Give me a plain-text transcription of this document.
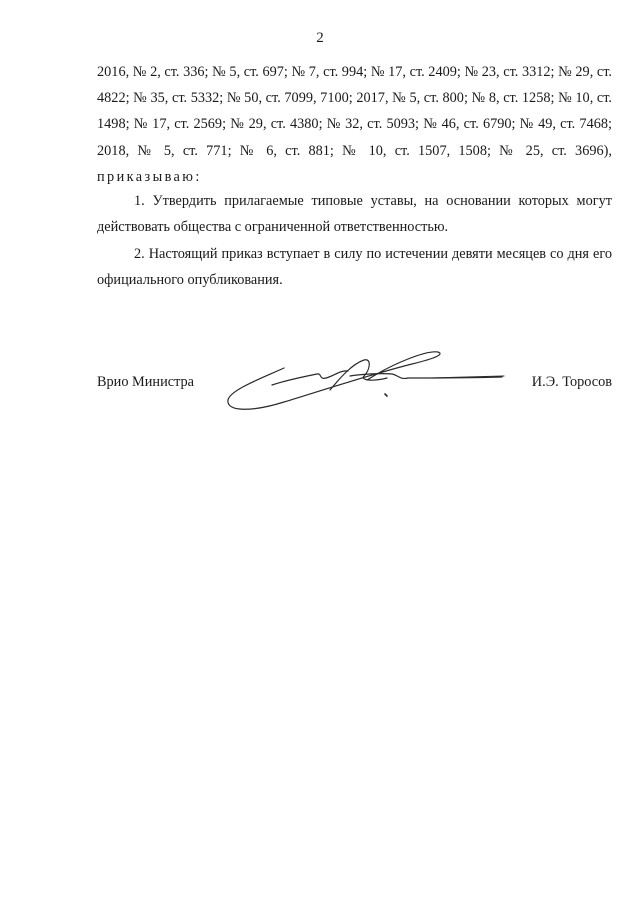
2

2016, № 2, ст. 336; № 5, ст. 697; № 7, ст. 994; № 17, ст. 2409; № 23, ст. 3312; № 29, ст. 4822; № 35, ст. 5332; № 50, ст. 7099, 7100; 2017, № 5, ст. 800; № 8, ст. 1258; № 10, ст. 1498; № 17, ст. 2569; № 29, ст. 4380; № 32, ст. 5093; № 46, ст. 6790; № 49, ст. 7468; 2018, № 5, ст. 771; № 6, ст. 881; № 10, ст. 1507, 1508; № 25, ст. 3696), приказываю:

1. Утвердить прилагаемые типовые уставы, на основании которых могут действовать общества с ограниченной ответственностью.

2. Настоящий приказ вступает в силу по истечении девяти месяцев со дня его официального опубликования.

Врио Министра	И.Э. Торосов
